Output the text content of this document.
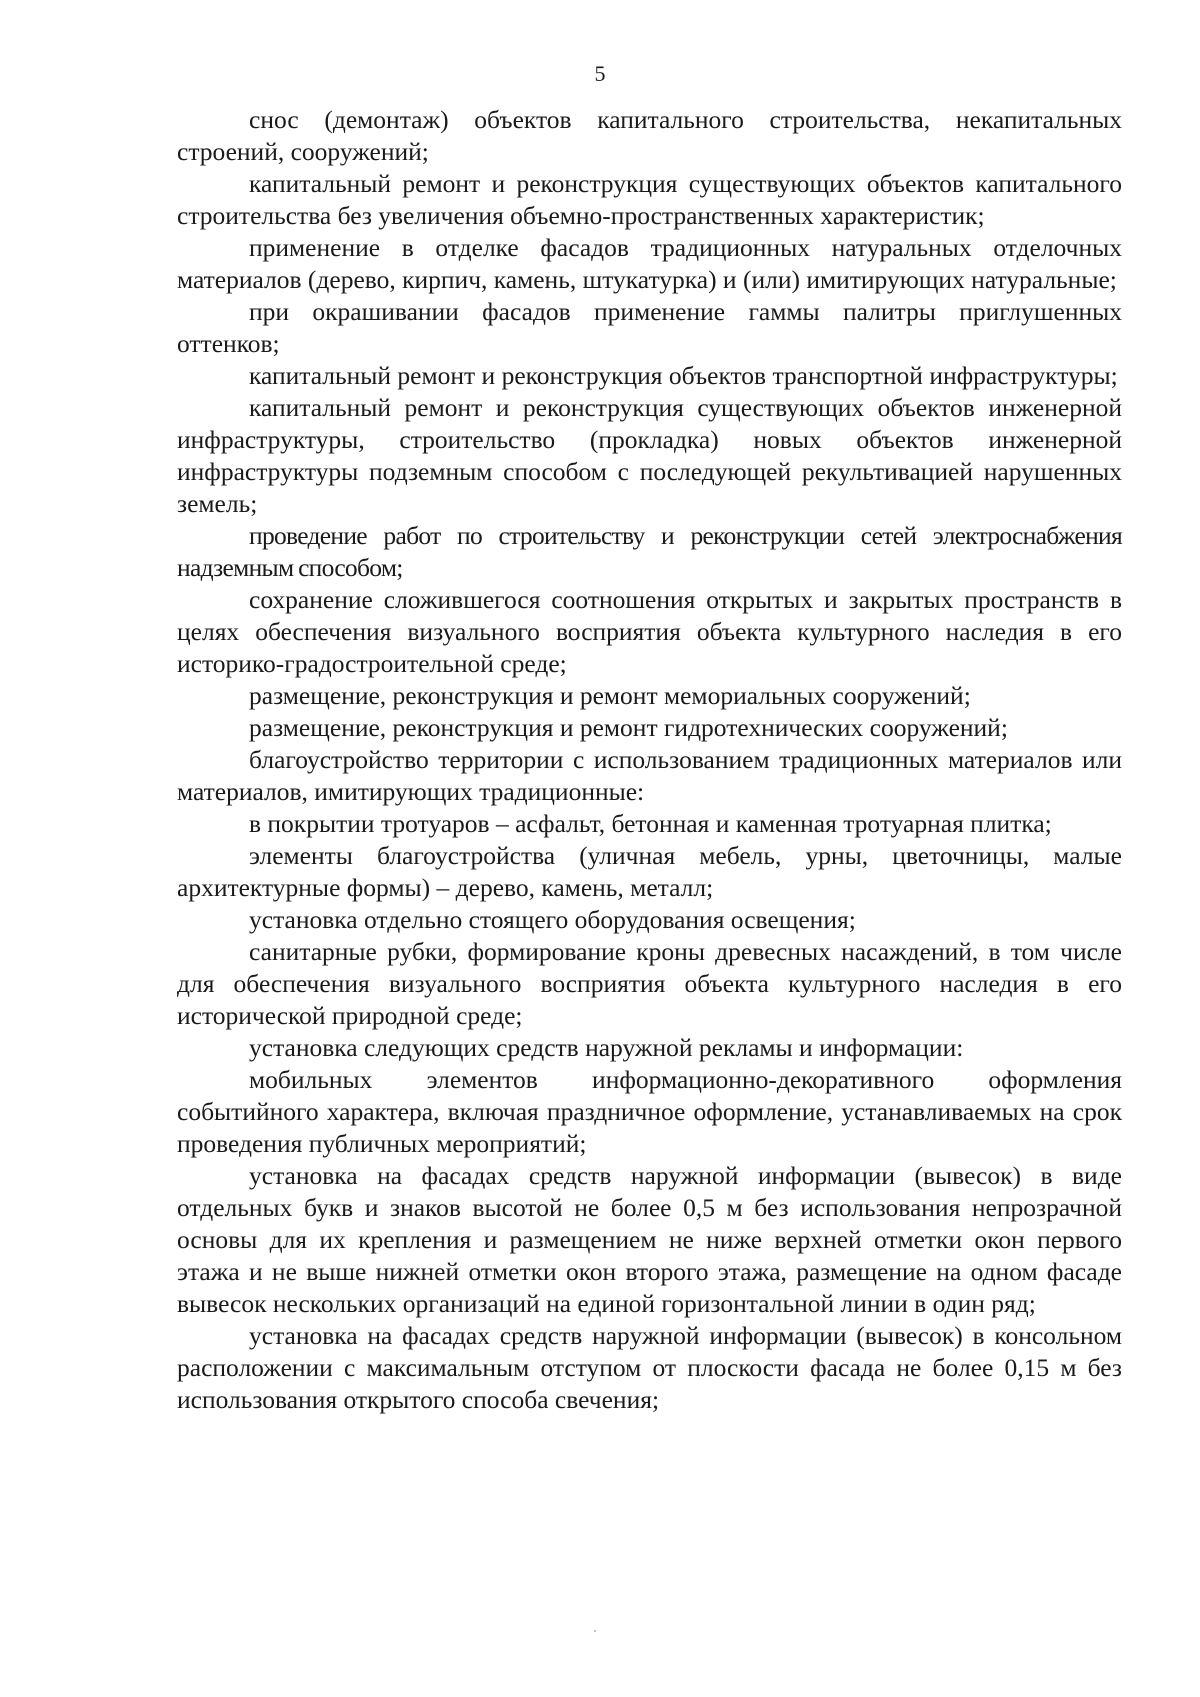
5

снос (демонтаж) объектов капитального строительства, некапитальных строений, сооружений;

капитальный ремонт и реконструкция существующих объектов капитального строительства без увеличения объемно-пространственных характеристик;

применение в отделке фасадов традиционных натуральных отделочных материалов (дерево, кирпич, камень, штукатурка) и (или) имитирующих натуральные;

при окрашивании фасадов применение гаммы палитры приглушенных оттенков;

капитальный ремонт и реконструкция объектов транспортной инфраструктуры;

капитальный ремонт и реконструкция существующих объектов инженерной инфраструктуры, строительство (прокладка) новых объектов инженерной инфраструктуры подземным способом с последующей рекультивацией нарушенных земель;

проведение работ по строительству и реконструкции сетей электроснабжения надземным способом;

сохранение сложившегося соотношения открытых и закрытых пространств в целях обеспечения визуального восприятия объекта культурного наследия в его историко-градостроительной среде;

размещение, реконструкция и ремонт мемориальных сооружений;

размещение, реконструкция и ремонт гидротехнических сооружений;

благоустройство территории с использованием традиционных материалов или материалов, имитирующих традиционные:

в покрытии тротуаров – асфальт, бетонная и каменная тротуарная плитка;

элементы благоустройства (уличная мебель, урны, цветочницы, малые архитектурные формы) – дерево, камень, металл;

установка отдельно стоящего оборудования освещения;

санитарные рубки, формирование кроны древесных насаждений, в том числе для обеспечения визуального восприятия объекта культурного наследия в его исторической природной среде;

установка следующих средств наружной рекламы и информации:

мобильных элементов информационно-декоративного оформления событийного характера, включая праздничное оформление, устанавливаемых на срок проведения публичных мероприятий;

установка на фасадах средств наружной информации (вывесок) в виде отдельных букв и знаков высотой не более 0,5 м без использования непрозрачной основы для их крепления и размещением не ниже верхней отметки окон первого этажа и не выше нижней отметки окон второго этажа, размещение на одном фасаде вывесок нескольких организаций на единой горизонтальной линии в один ряд;

установка на фасадах средств наружной информации (вывесок) в консольном расположении с максимальным отступом от плоскости фасада не более 0,15 м без использования открытого способа свечения;
